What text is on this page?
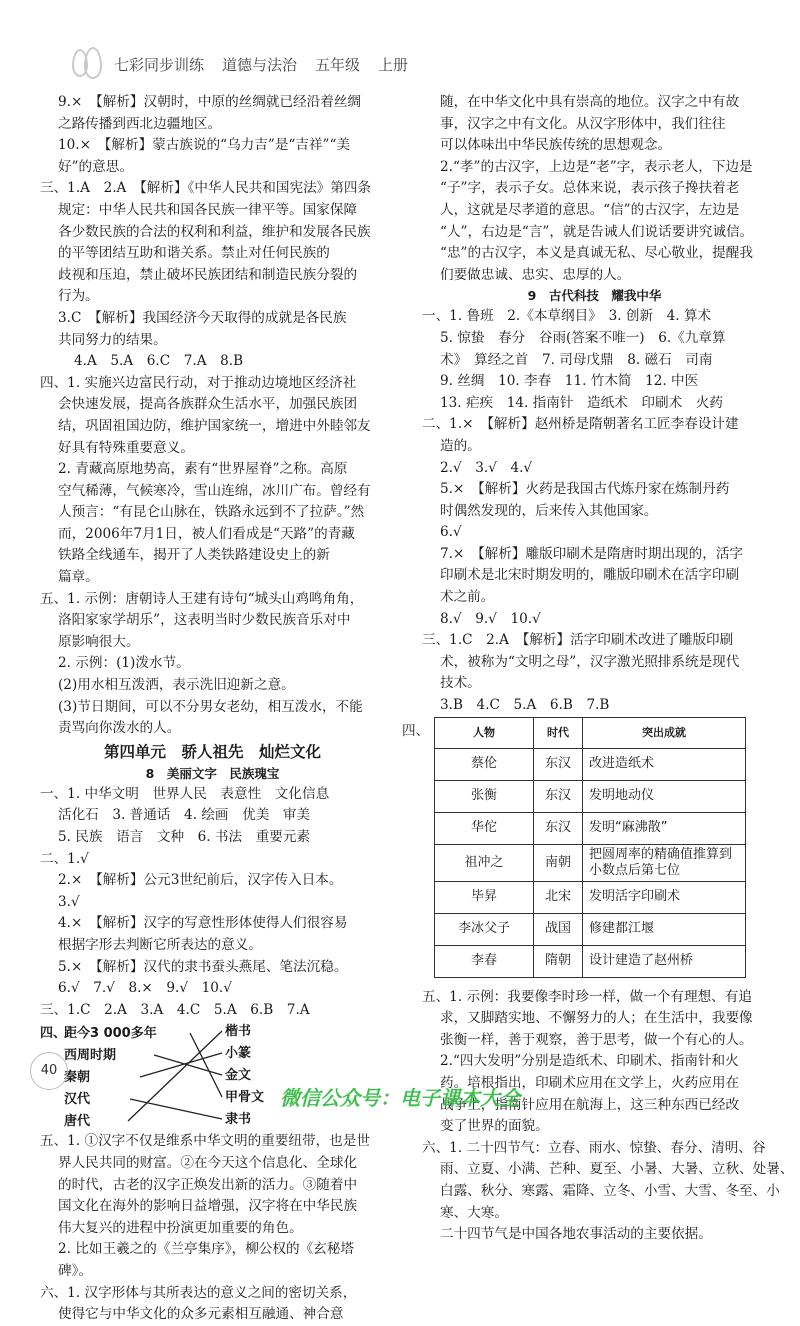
七彩同步训练 道德与法治 五年级 上册
9.×　【解析】汉朝时，中原的丝绸就已经沿着丝绸
之路传播到西北边疆地区。
10.×　【解析】蒙古族说的“乌力吉”是“吉祥”“美
好”的意思。
三、1.A　2.A　【解析】《中华人民共和国宪法》第四条
规定：中华人民共和国各民族一律平等。国家保障
各少数民族的合法的权利和利益，维护和发展各民族
的平等团结互助和谐关系。禁止对任何民族的
歧视和压迫，禁止破坏民族团结和制造民族分裂的
行为。
3.C　【解析】我国经济今天取得的成就是各民族
共同努力的结果。
4.A　5.A　6.C　7.A　8.B
四、1. 实施兴边富民行动，对于推动边境地区经济社
会快速发展，提高各族群众生活水平，加强民族团
结，巩固祖国边防，维护国家统一，增进中外睦邻友
好具有特殊重要意义。
2. 青藏高原地势高，素有“世界屋脊”之称。高原
空气稀薄，气候寒冷，雪山连绵，冰川广布。曾经有
人预言：“有昆仑山脉在，铁路永远到不了拉萨。”然
而，2006年7月1日，被人们看成是“天路”的青藏
铁路全线通车，揭开了人类铁路建设史上的新
篇章。
五、1. 示例：唐朝诗人王建有诗句“城头山鸡鸣角角，
洛阳家家学胡乐”，这表明当时少数民族音乐对中
原影响很大。
2. 示例：(1)泼水节。
(2)用水相互泼洒，表示洗旧迎新之意。
(3)节日期间，可以不分男女老幼，相互泼水，不能
责骂向你泼水的人。
第四单元　骄人祖先　灿烂文化
8　美丽文字　民族瑰宝
一、1. 中华文明　世界人民　表意性　文化信息
活化石　3. 普通话　4. 绘画　优美　审美
5. 民族　语言　文种　6. 书法　重要元素
二、1.√
2.×　【解析】公元3世纪前后，汉字传入日本。
3.√
4.×　【解析】汉字的写意性形体使得人们很容易
根据字形去判断它所表达的意义。
5.×　【解析】汉代的隶书蚕头燕尾、笔法沉稳。
6.√　7.√　8.×　9.√　10.√
三、1.C　2.A　3.A　4.C　5.A　6.B　7.A
四、
距今3 000多年
西周时期
秦朝
汉代
唐代
楷书
小篆
金文
甲骨文
隶书
五、1. ①汉字不仅是维系中华文明的重要纽带，也是世
界人民共同的财富。②在今天这个信息化、全球化
的时代，古老的汉字正焕发出新的活力。③随着中
国文化在海外的影响日益增强，汉字将在中华民族
伟大复兴的进程中扮演更加重要的角色。
2. 比如王羲之的《兰亭集序》，柳公权的《玄秘塔
碑》。
六、1. 汉字形体与其所表达的意义之间的密切关系，
使得它与中华文化的众多元素相互融通、神合意
随，在中华文化中具有崇高的地位。汉字之中有故
事，汉字之中有文化。从汉字形体中，我们往往
可以体味出中华民族传统的思想观念。
2.“孝”的古汉字，上边是“老”字，表示老人，下边是
“子”字，表示子女。总体来说，表示孩子搀扶着老
人，这就是尽孝道的意思。“信”的古汉字，左边是
“人”，右边是“言”，就是告诫人们说话要讲究诚信。
“忠”的古汉字，本义是真诚无私、尽心敬业，提醒我
们要做忠诚、忠实、忠厚的人。
9　古代科技　耀我中华
一、1. 鲁班　2.《本草纲目》　3. 创新　4. 算术
5. 惊蛰　春分　谷雨(答案不唯一)　6.《九章算
术》　算经之首　7. 司母戊鼎　8. 磁石　司南
9. 丝绸　10. 李春　11. 竹木简　12. 中医
13. 疟疾　14. 指南针　造纸术　印刷术　火药
二、1.×　【解析】赵州桥是隋朝著名工匠李春设计建
造的。
2.√　3.√　4.√
5.×　【解析】火药是我国古代炼丹家在炼制丹药
时偶然发现的，后来传入其他国家。
6.√
7.×　【解析】雕版印刷术是隋唐时期出现的，活字
印刷术是北宋时期发明的，雕版印刷术在活字印刷
术之前。
8.√　9.√　10.√
三、1.C　2.A　【解析】活字印刷术改进了雕版印刷
术，被称为“文明之母”，汉字激光照排系统是现代
技术。
3.B　4.C　5.A　6.B　7.B
四、	人物	时代	突出成就
蔡伦	东汉	改进造纸术
张衡	东汉	发明地动仪
华佗	东汉	发明“麻沸散”
祖冲之	南朝	把圆周率的精确值推算到小数点后第七位
毕昇	北宋	发明活字印刷术
李冰父子	战国	修建都江堰
李春	隋朝	设计建造了赵州桥
五、1. 示例：我要像李时珍一样，做一个有理想、有追
求，又脚踏实地、不懈努力的人；在生活中，我要像
张衡一样，善于观察，善于思考，做一个有心的人。
2.“四大发明”分别是造纸术、印刷术、指南针和火
药。培根指出，印刷术应用在文学上，火药应用在
战争上，指南针应用在航海上，这三种东西已经改
变了世界的面貌。
六、1. 二十四节气：立春、雨水、惊蛰、春分、清明、谷
雨、立夏、小满、芒种、夏至、小暑、大暑、立秋、处暑、
白露、秋分、寒露、霜降、立冬、小雪、大雪、冬至、小
寒、大寒。
二十四节气是中国各地农事活动的主要依据。
40
微信公众号：电子课本大全
